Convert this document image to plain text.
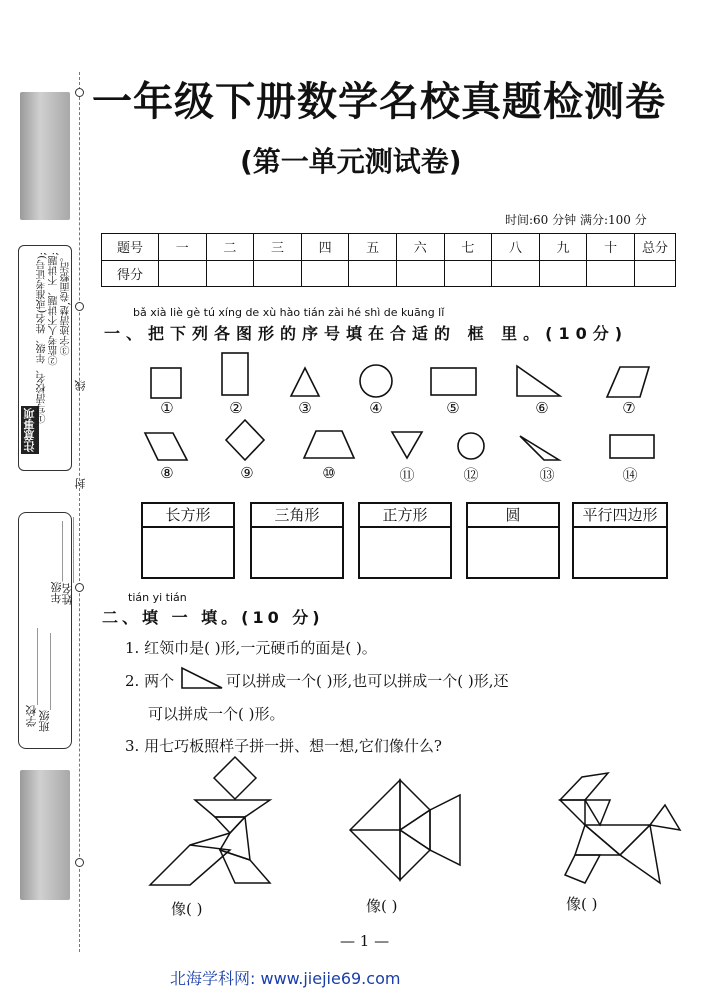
封
线
注意事项
①写清校名、年级、姓名(或准考证号); ②监考人不讲题、不讲题; ③字迹清楚,卷面整洁。
学校______________
班级______________
年级___________
姓名____________
一年级下册数学名校真题检测卷
(第一单元测试卷)
时间:60 分钟 满分:100 分
题号	一	二	三	四	五	六	七	八	九	十	总分
得分											
bǎ xià liè gè tú xíng de xù hào tián zài hé shì de kuāng lǐ
一、把下列各图形的序号填在合适的 框 里。(10分)
①	②	③	④	⑤	⑥	⑦
⑧	⑨	⑩	⑪	⑫	⑬	⑭
长方形	三角形	正方形	圆	平行四边形
tián yi tián
二、填 一 填。(10 分)
1. 红领巾是( )形,一元硬币的面是( )。
2. 两个	可以拼成一个( )形,也可以拼成一个( )形,还
可以拼成一个( )形。
3. 用七巧板照样子拼一拼、想一想,它们像什么?
像( )	像( )	像( )
— 1 —
北海学科网: www.jiejie69.com
